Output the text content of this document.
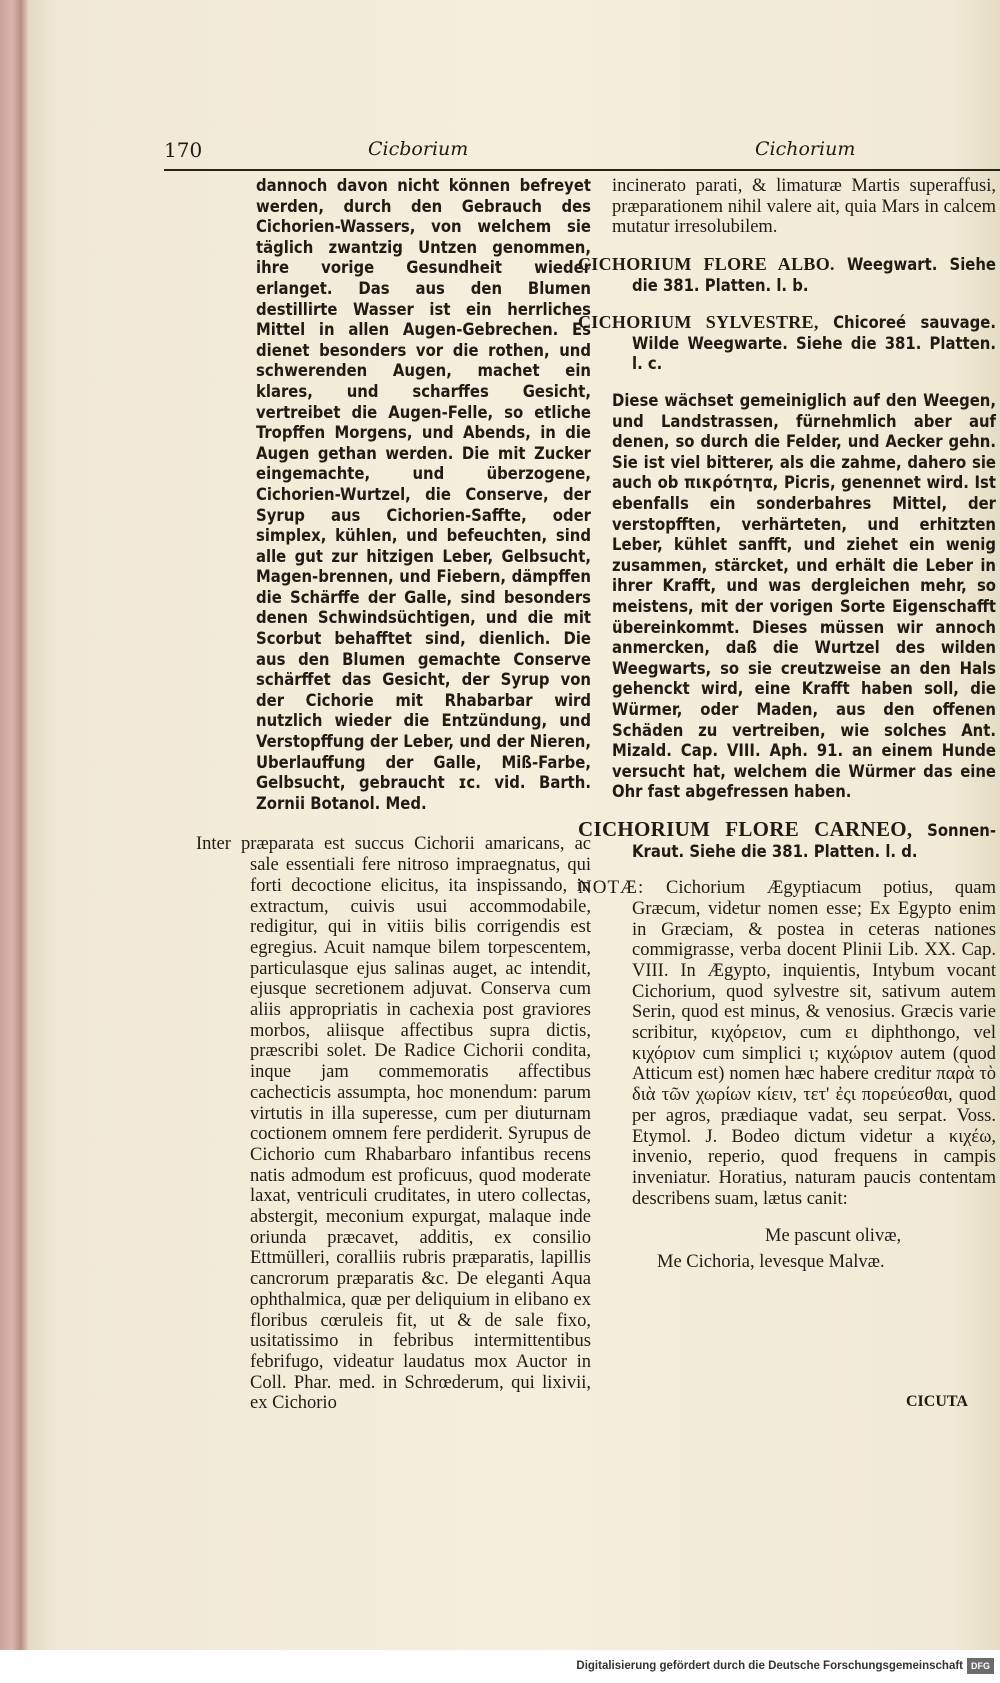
170	Cicborium	Cichorium

dannoch davon nicht können befreyet werden, durch den Gebrauch des Cichorien-Wassers, von welchem sie täglich zwantzig Untzen genommen, ihre vorige Gesundheit wieder erlanget. Das aus den Blumen destillirte Wasser ist ein herrliches Mittel in allen Augen-Gebrechen. Es dienet besonders vor die rothen, und schwerenden Augen, machet ein klares, und scharffes Gesicht, vertreibet die Augen-Felle, so etliche Tropffen Morgens, und Abends, in die Augen gethan werden. Die mit Zucker eingemachte, und überzogene, Cichorien-Wurtzel, die Conserve, der Syrup aus Cichorien-Saffte, oder simplex, kühlen, und befeuchten, sind alle gut zur hitzigen Leber, Gelbsucht, Magen-brennen, und Fiebern, dämpffen die Schärffe der Galle, sind besonders denen Schwindsüchtigen, und die mit Scorbut behafftet sind, dienlich. Die aus den Blumen gemachte Conserve schärffet das Gesicht, der Syrup von der Cichorie mit Rhabarbar wird nutzlich wieder die Entzündung, und Verstopffung der Leber, und der Nieren, Uberlauffung der Galle, Miß-Farbe, Gelbsucht, gebraucht ɪc. vid. Barth. Zornii Botanol. Med.

Inter præparata est succus Cichorii amaricans, ac sale essentiali fere nitroso impraegnatus, qui forti decoctione elicitus, ita inspissando, in extractum, cuivis usui accommodabile, redigitur, qui in vitiis bilis corrigendis est egregius. Acuit namque bilem torpescentem, particulasque ejus salinas auget, ac intendit, ejusque secretionem adjuvat. Conserva cum aliis appropriatis in cachexia post graviores morbos, aliisque affectibus supra dictis, præscribi solet. De Radice Cichorii condita, inque jam commemoratis affectibus cachecticis assumpta, hoc monendum: parum virtutis in illa superesse, cum per diuturnam coctionem omnem fere perdiderit. Syrupus de Cichorio cum Rhabarbaro infantibus recens natis admodum est proficuus, quod moderate laxat, ventriculi cruditates, in utero collectas, abstergit, meconium expurgat, malaque inde oriunda præcavet, additis, ex consilio Ettmülleri, coralliis rubris præparatis, lapillis cancrorum præparatis &c. De eleganti Aqua ophthalmica, quæ per deliquium in elibano ex floribus cœruleis fit, ut & de sale fixo, usitatissimo in febribus intermittentibus febrifugo, videatur laudatus mox Auctor in Coll. Phar. med. in Schrœderum, qui lixivii, ex Cichorio

incinerato parati, & limaturæ Martis superaffusi, præparationem nihil valere ait, quia Mars in calcem mutatur irresolubilem.

CICHORIUM FLORE ALBO. Weegwart. Siehe die 381. Platten. l. b.

CICHORIUM SYLVESTRE, Chicoreé sauvage. Wilde Weegwarte. Siehe die 381. Platten. l. c.

Diese wächset gemeiniglich auf den Weegen, und Landstrassen, fürnehmlich aber auf denen, so durch die Felder, und Aecker gehn. Sie ist viel bitterer, als die zahme, dahero sie auch ob πικρότητα, Picris, genennet wird. Ist ebenfalls ein sonderbahres Mittel, der verstopfften, verhärteten, und erhitzten Leber, kühlet sanfft, und ziehet ein wenig zusammen, stärcket, und erhält die Leber in ihrer Krafft, und was dergleichen mehr, so meistens, mit der vorigen Sorte Eigenschafft übereinkommt. Dieses müssen wir annoch anmercken, daß die Wurtzel des wilden Weegwarts, so sie creutzweise an den Hals gehenckt wird, eine Krafft haben soll, die Würmer, oder Maden, aus den offenen Schäden zu vertreiben, wie solches Ant. Mizald. Cap. VIII. Aph. 91. an einem Hunde versucht hat, welchem die Würmer das eine Ohr fast abgefressen haben.

CICHORIUM FLORE CARNEO, Sonnen-Kraut. Siehe die 381. Platten. l. d.

NOTÆ: Cichorium Ægyptiacum potius, quam Græcum, videtur nomen esse; Ex Egypto enim in Græciam, & postea in ceteras nationes commigrasse, verba docent Plinii Lib. XX. Cap. VIII. In Ægypto, inquientis, Intybum vocant Cichorium, quod sylvestre sit, sativum autem Serin, quod est minus, & venosius. Græcis varie scribitur, κιχόρειον, cum ει diphthongo, vel κιχόριον cum simplici ι; κιχώριον autem (quod Atticum est) nomen hæc habere creditur παρὰ τὸ διὰ τῶν χωρίων κίειν, τετ' ἐςι πορεύεσθαι, quod per agros, prædiaque vadat, seu serpat. Voss. Etymol. J. Bodeo dictum videtur a κιχέω, invenio, reperio, quod frequens in campis inveniatur. Horatius, naturam paucis contentam describens suam, lætus canit:

Me pascunt olivæ,
Me Cichoria, levesque Malvæ.

CICUTA
Digitalisierung gefördert durch die Deutsche Forschungsgemeinschaft DFG
